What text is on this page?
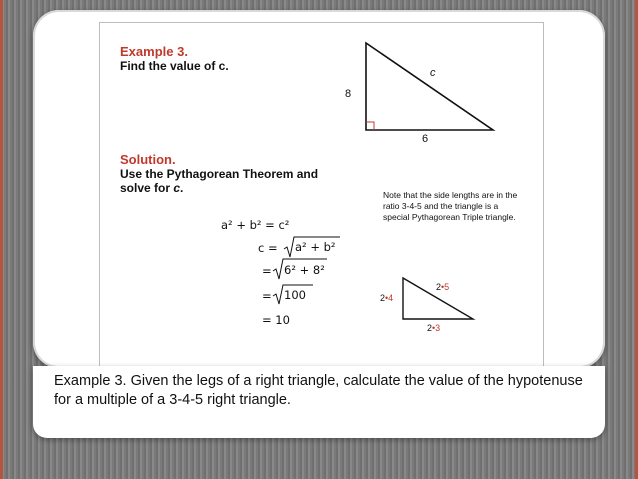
Example 3.
Find the value of c.	c
8
6
Solution.
Use the Pythagorean Theorem and
solve for c.	Note that the side lengths are in the ratio 3-4-5 and the triangle is a special Pythagorean Triple triangle.
a² + b² = c²
c = a² + b²
= 6² + 8²
= 100
= 10
2•5
2•4
2•3
Example 3. Given the legs of a right triangle, calculate the value of the hypotenuse for a multiple of a 3-4-5 right triangle.
